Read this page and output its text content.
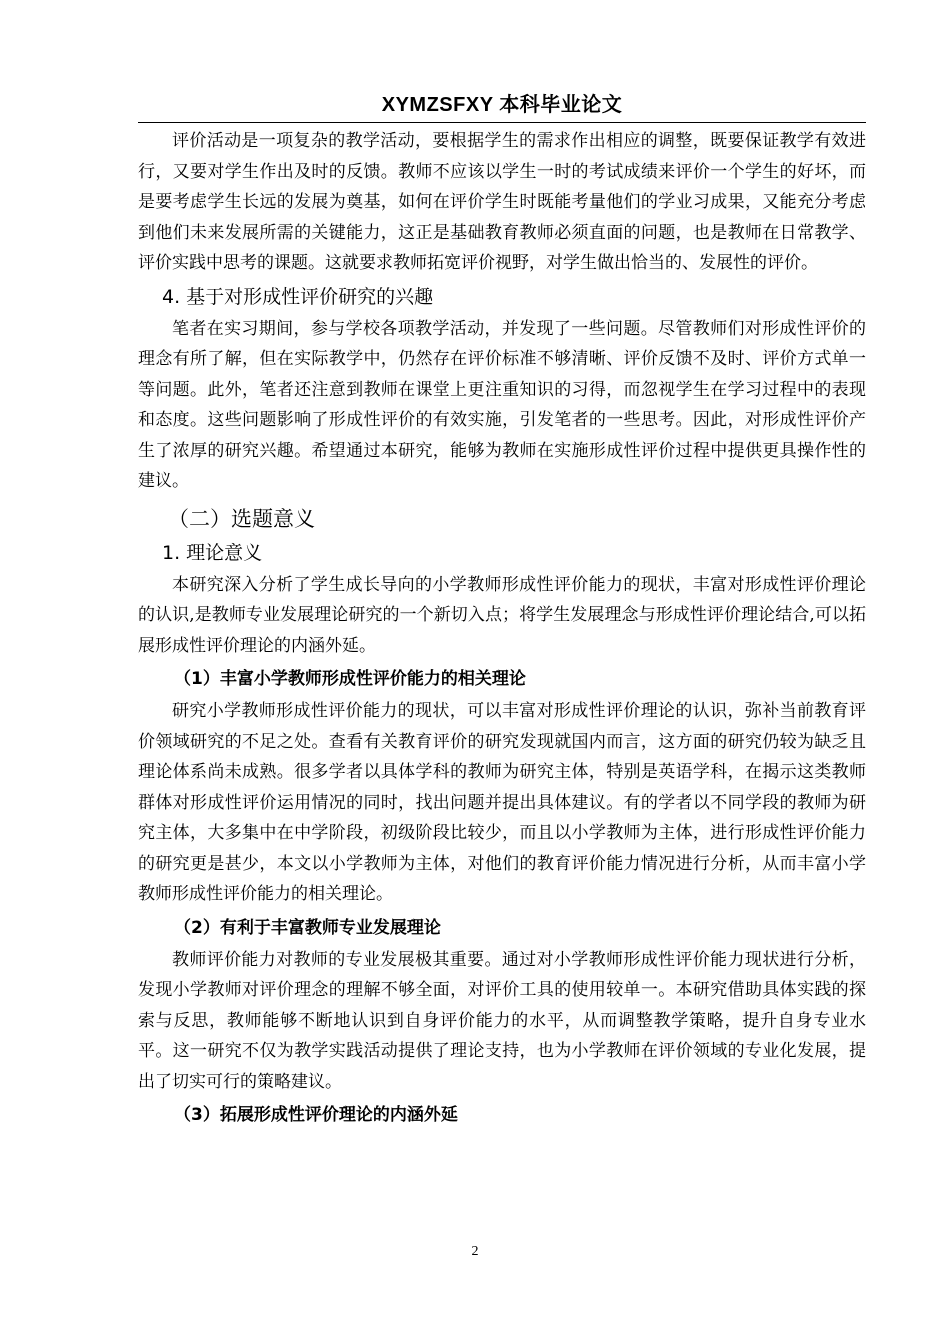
XYMZSFXY 本科毕业论文

评价活动是一项复杂的教学活动，要根据学生的需求作出相应的调整，既要保证教学有效进行，又要对学生作出及时的反馈。教师不应该以学生一时的考试成绩来评价一个学生的好坏，而是要考虑学生长远的发展为奠基，如何在评价学生时既能考量他们的学业习成果，又能充分考虑到他们未来发展所需的关键能力，这正是基础教育教师必须直面的问题，也是教师在日常教学、评价实践中思考的课题。这就要求教师拓宽评价视野，对学生做出恰当的、发展性的评价。

4. 基于对形成性评价研究的兴趣

笔者在实习期间，参与学校各项教学活动，并发现了一些问题。尽管教师们对形成性评价的理念有所了解，但在实际教学中，仍然存在评价标准不够清晰、评价反馈不及时、评价方式单一等问题。此外，笔者还注意到教师在课堂上更注重知识的习得，而忽视学生在学习过程中的表现和态度。这些问题影响了形成性评价的有效实施，引发笔者的一些思考。因此，对形成性评价产生了浓厚的研究兴趣。希望通过本研究，能够为教师在实施形成性评价过程中提供更具操作性的建议。

（二）选题意义
1. 理论意义

本研究深入分析了学生成长导向的小学教师形成性评价能力的现状，丰富对形成性评价理论的认识,是教师专业发展理论研究的一个新切入点；将学生发展理念与形成性评价理论结合,可以拓展形成性评价理论的内涵外延。

（1）丰富小学教师形成性评价能力的相关理论

研究小学教师形成性评价能力的现状，可以丰富对形成性评价理论的认识，弥补当前教育评价领域研究的不足之处。查看有关教育评价的研究发现就国内而言，这方面的研究仍较为缺乏且理论体系尚未成熟。很多学者以具体学科的教师为研究主体，特别是英语学科，在揭示这类教师群体对形成性评价运用情况的同时，找出问题并提出具体建议。有的学者以不同学段的教师为研究主体，大多集中在中学阶段，初级阶段比较少，而且以小学教师为主体，进行形成性评价能力的研究更是甚少，本文以小学教师为主体，对他们的教育评价能力情况进行分析，从而丰富小学教师形成性评价能力的相关理论。

（2）有利于丰富教师专业发展理论

教师评价能力对教师的专业发展极其重要。通过对小学教师形成性评价能力现状进行分析，发现小学教师对评价理念的理解不够全面，对评价工具的使用较单一。本研究借助具体实践的探索与反思，教师能够不断地认识到自身评价能力的水平，从而调整教学策略，提升自身专业水平。这一研究不仅为教学实践活动提供了理论支持，也为小学教师在评价领域的专业化发展，提出了切实可行的策略建议。

（3）拓展形成性评价理论的内涵外延
2
